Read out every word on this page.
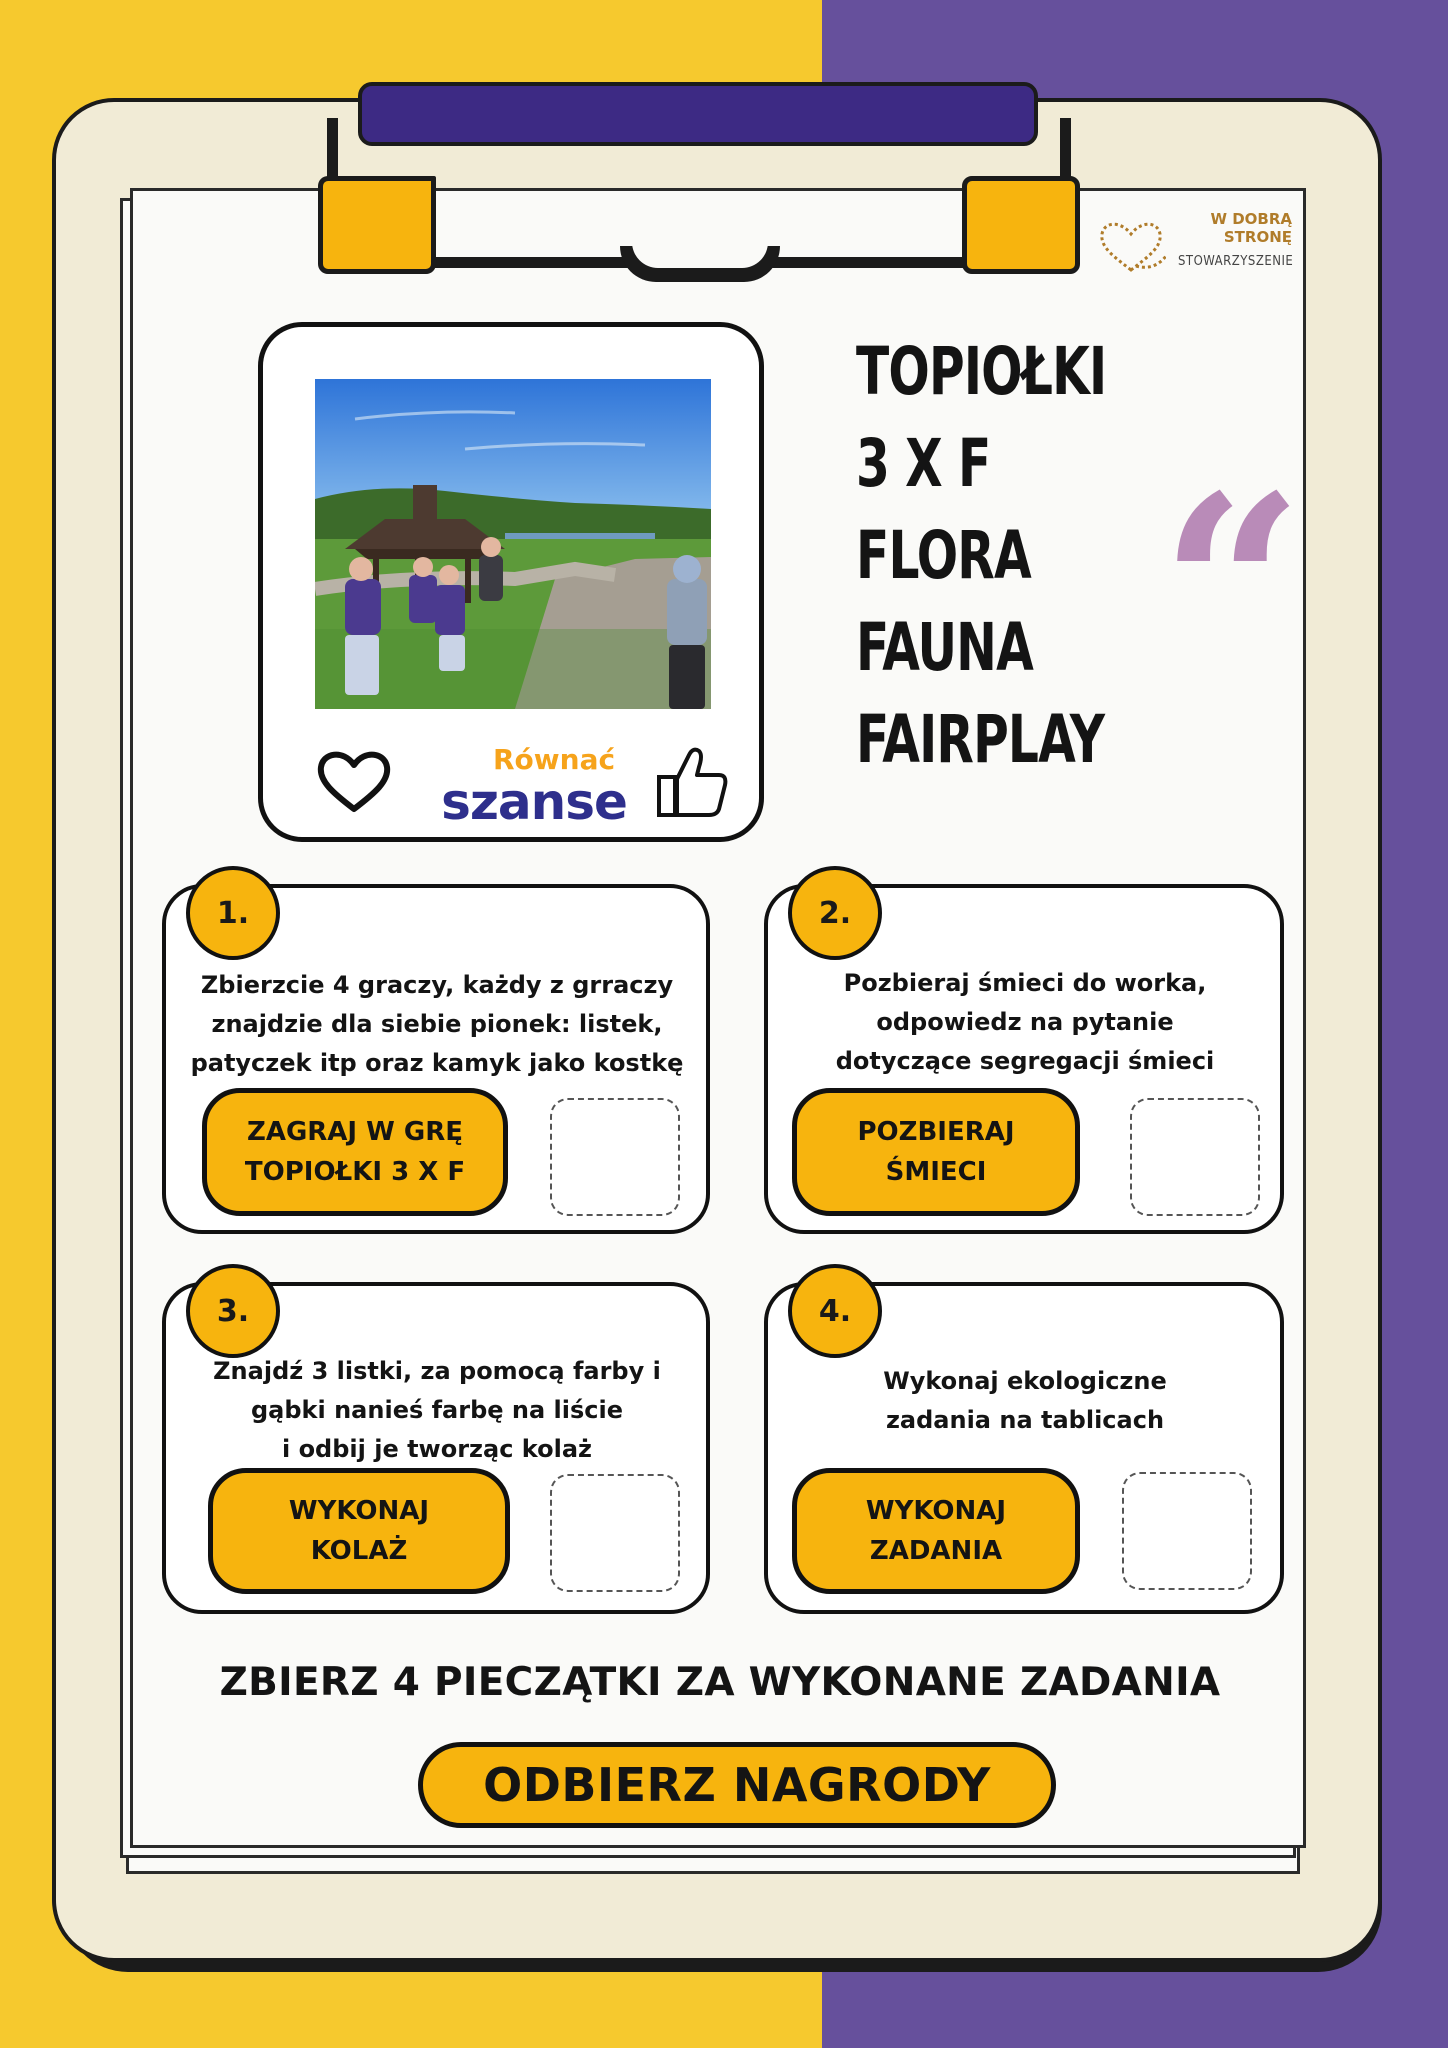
W DOBRĄ
STRONĘ
STOWARZYSZENIE
Równać
szanse
TOPIOŁKI
3 X F
FLORA
FAUNA
FAIRPLAY
“
1.
Zbierzcie 4 graczy, każdy z grraczy
znajdzie dla siebie pionek: listek,
patyczek itp oraz kamyk jako kostkę
ZAGRAJ W GRĘ
TOPIOŁKI 3 X F
2.
Pozbieraj śmieci do worka,
odpowiedz na pytanie
dotyczące segregacji śmieci
POZBIERAJ
ŚMIECI
3.
Znajdź 3 listki, za pomocą farby i
gąbki nanieś farbę na liście
i odbij je tworząc kolaż
WYKONAJ
KOLAŻ
4.
Wykonaj ekologiczne
zadania na tablicach
WYKONAJ
ZADANIA
ZBIERZ 4 PIECZĄTKI ZA WYKONANE ZADANIA
ODBIERZ NAGRODY
